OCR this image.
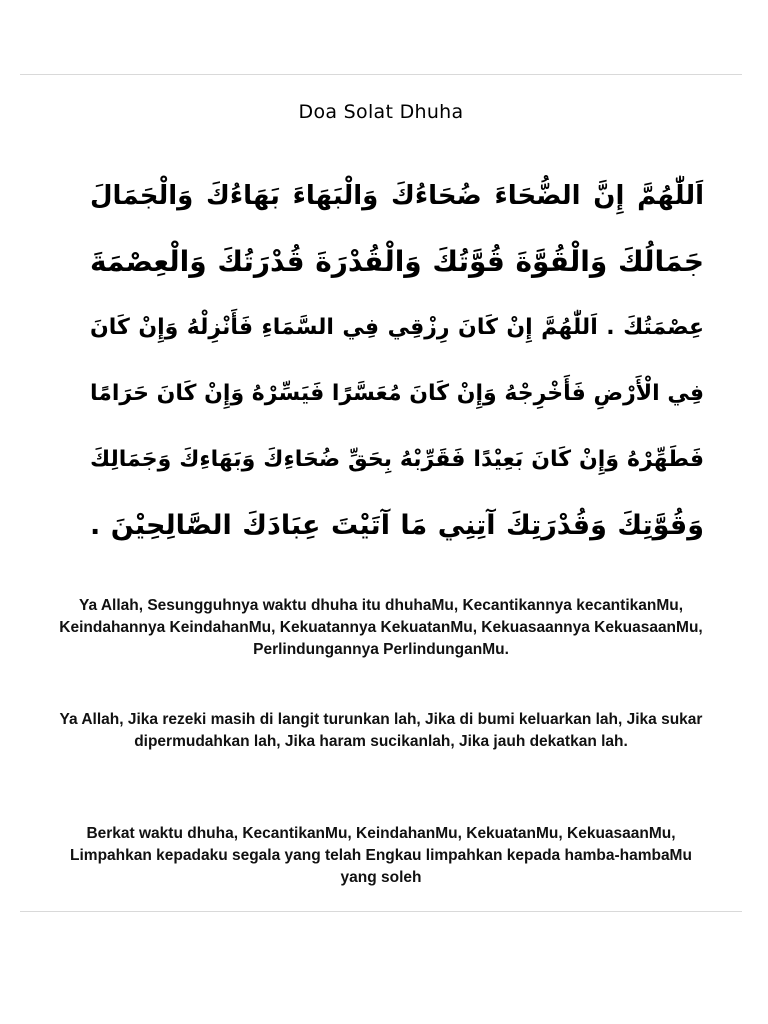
Doa Solat Dhuha
اَللّٰهُمَّ إِنَّ الضُّحَاءَ ضُحَاءُكَ وَالْبَهَاءَ بَهَاءُكَ وَالْجَمَالَ
جَمَالُكَ وَالْقُوَّةَ قُوَّتُكَ وَالْقُدْرَةَ قُدْرَتُكَ وَالْعِصْمَةَ
عِصْمَتُكَ . اَللّٰهُمَّ إِنْ كَانَ رِزْقِي فِي السَّمَاءِ فَأَنْزِلْهُ وَإِنْ كَانَ
فِي الْأَرْضِ فَأَخْرِجْهُ وَإِنْ كَانَ مُعَسَّرًا فَيَسِّرْهُ وَإِنْ كَانَ حَرَامًا
فَطَهِّرْهُ وَإِنْ كَانَ بَعِيْدًا فَقَرِّبْهُ بِحَقِّ ضُحَاءِكَ وَبَهَاءِكَ وَجَمَالِكَ
وَقُوَّتِكَ وَقُدْرَتِكَ آتِنِي مَا آتَيْتَ عِبَادَكَ الصَّالِحِيْنَ .
Ya Allah, Sesungguhnya waktu dhuha itu dhuhaMu, Kecantikannya kecantikanMu, Keindahannya KeindahanMu, Kekuatannya KekuatanMu, Kekuasaannya KekuasaanMu, Perlindungannya PerlindunganMu.
Ya Allah, Jika rezeki masih di langit turunkan lah, Jika di bumi keluarkan lah, Jika sukar dipermudahkan lah, Jika haram sucikanlah, Jika jauh dekatkan lah.
Berkat waktu dhuha, KecantikanMu, KeindahanMu, KekuatanMu, KekuasaanMu, Limpahkan kepadaku segala yang telah Engkau limpahkan kepada hamba-hambaMu yang soleh
